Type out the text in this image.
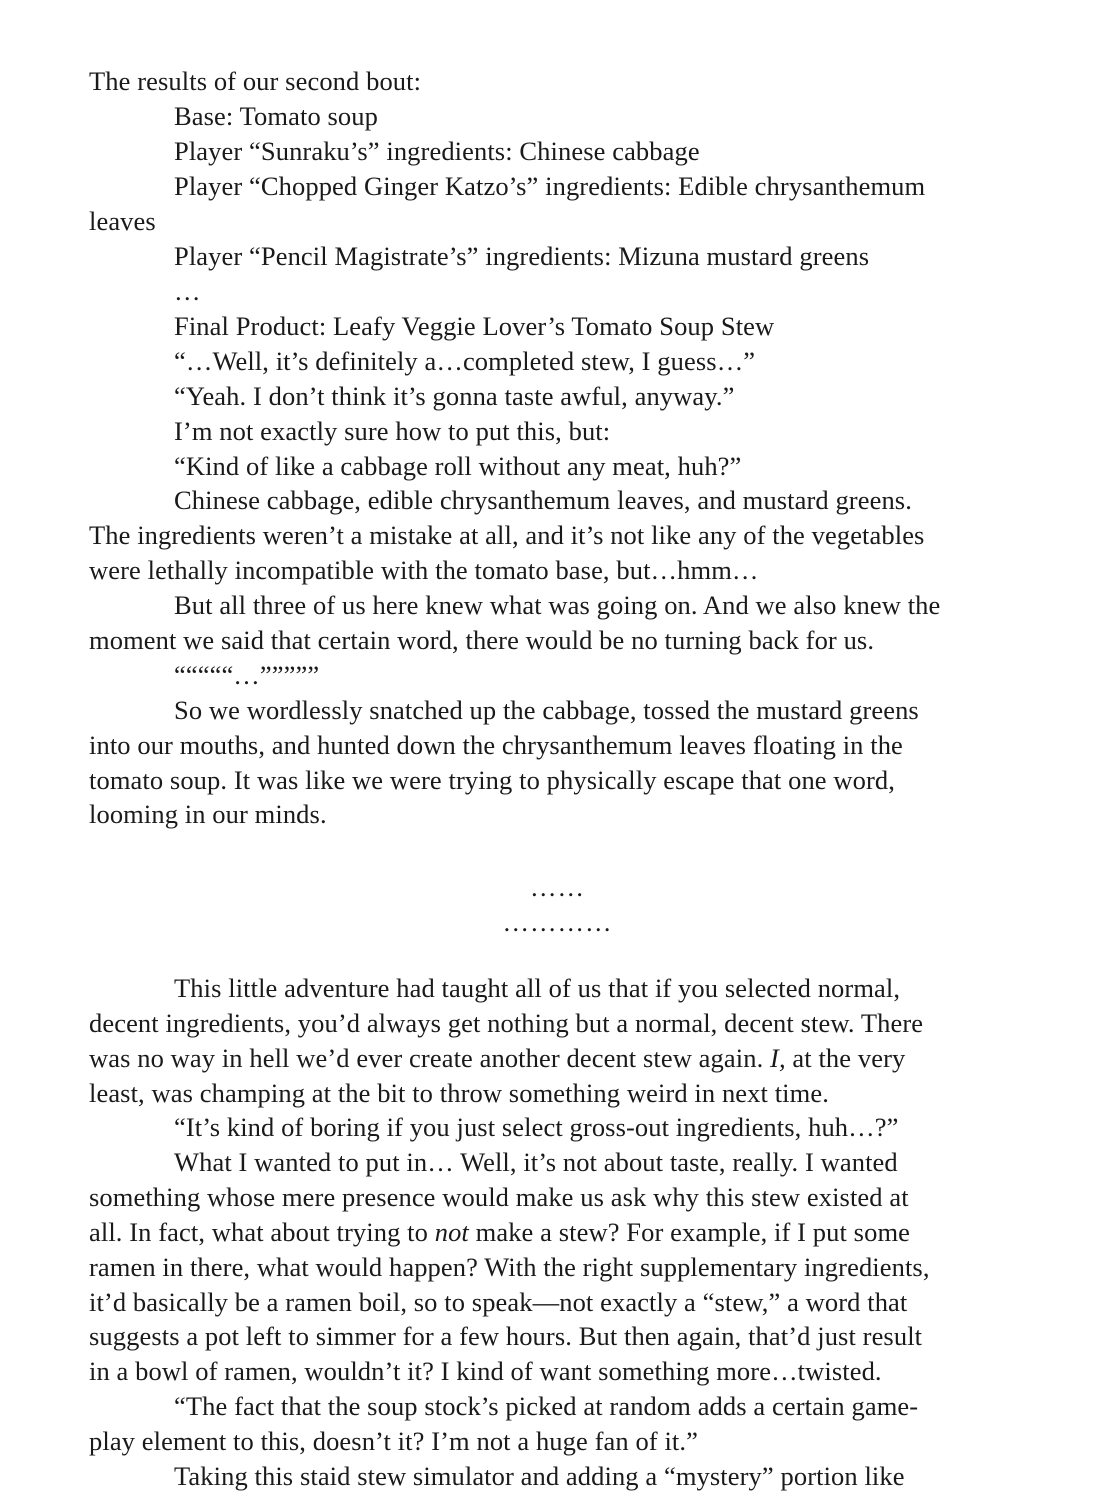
The results of our second bout:
Base: Tomato soup
Player “Sunraku’s” ingredients: Chinese cabbage
Player “Chopped Ginger Katzo’s” ingredients: Edible chrysanthemum
leaves
Player “Pencil Magistrate’s” ingredients: Mizuna mustard greens
…
Final Product: Leafy Veggie Lover’s Tomato Soup Stew
“…Well, it’s definitely a…completed stew, I guess…”
“Yeah. I don’t think it’s gonna taste awful, anyway.”
I’m not exactly sure how to put this, but:
“Kind of like a cabbage roll without any meat, huh?”
Chinese cabbage, edible chrysanthemum leaves, and mustard greens.
The ingredients weren’t a mistake at all, and it’s not like any of the vegetables
were lethally incompatible with the tomato base, but…hmm…
But all three of us here knew what was going on. And we also knew the
moment we said that certain word, there would be no turning back for us.
“““““…”””””
So we wordlessly snatched up the cabbage, tossed the mustard greens
into our mouths, and hunted down the chrysanthemum leaves floating in the
tomato soup. It was like we were trying to physically escape that one word,
looming in our minds.
……
…………
This little adventure had taught all of us that if you selected normal,
decent ingredients, you’d always get nothing but a normal, decent stew. There
was no way in hell we’d ever create another decent stew again. I, at the very
least, was champing at the bit to throw something weird in next time.
“It’s kind of boring if you just select gross-out ingredients, huh…?”
What I wanted to put in… Well, it’s not about taste, really. I wanted
something whose mere presence would make us ask why this stew existed at
all. In fact, what about trying to not make a stew? For example, if I put some
ramen in there, what would happen? With the right supplementary ingredients,
it’d basically be a ramen boil, so to speak—not exactly a “stew,” a word that
suggests a pot left to simmer for a few hours. But then again, that’d just result
in a bowl of ramen, wouldn’t it? I kind of want something more…twisted.
“The fact that the soup stock’s picked at random adds a certain game-
play element to this, doesn’t it? I’m not a huge fan of it.”
Taking this staid stew simulator and adding a “mystery” portion like
